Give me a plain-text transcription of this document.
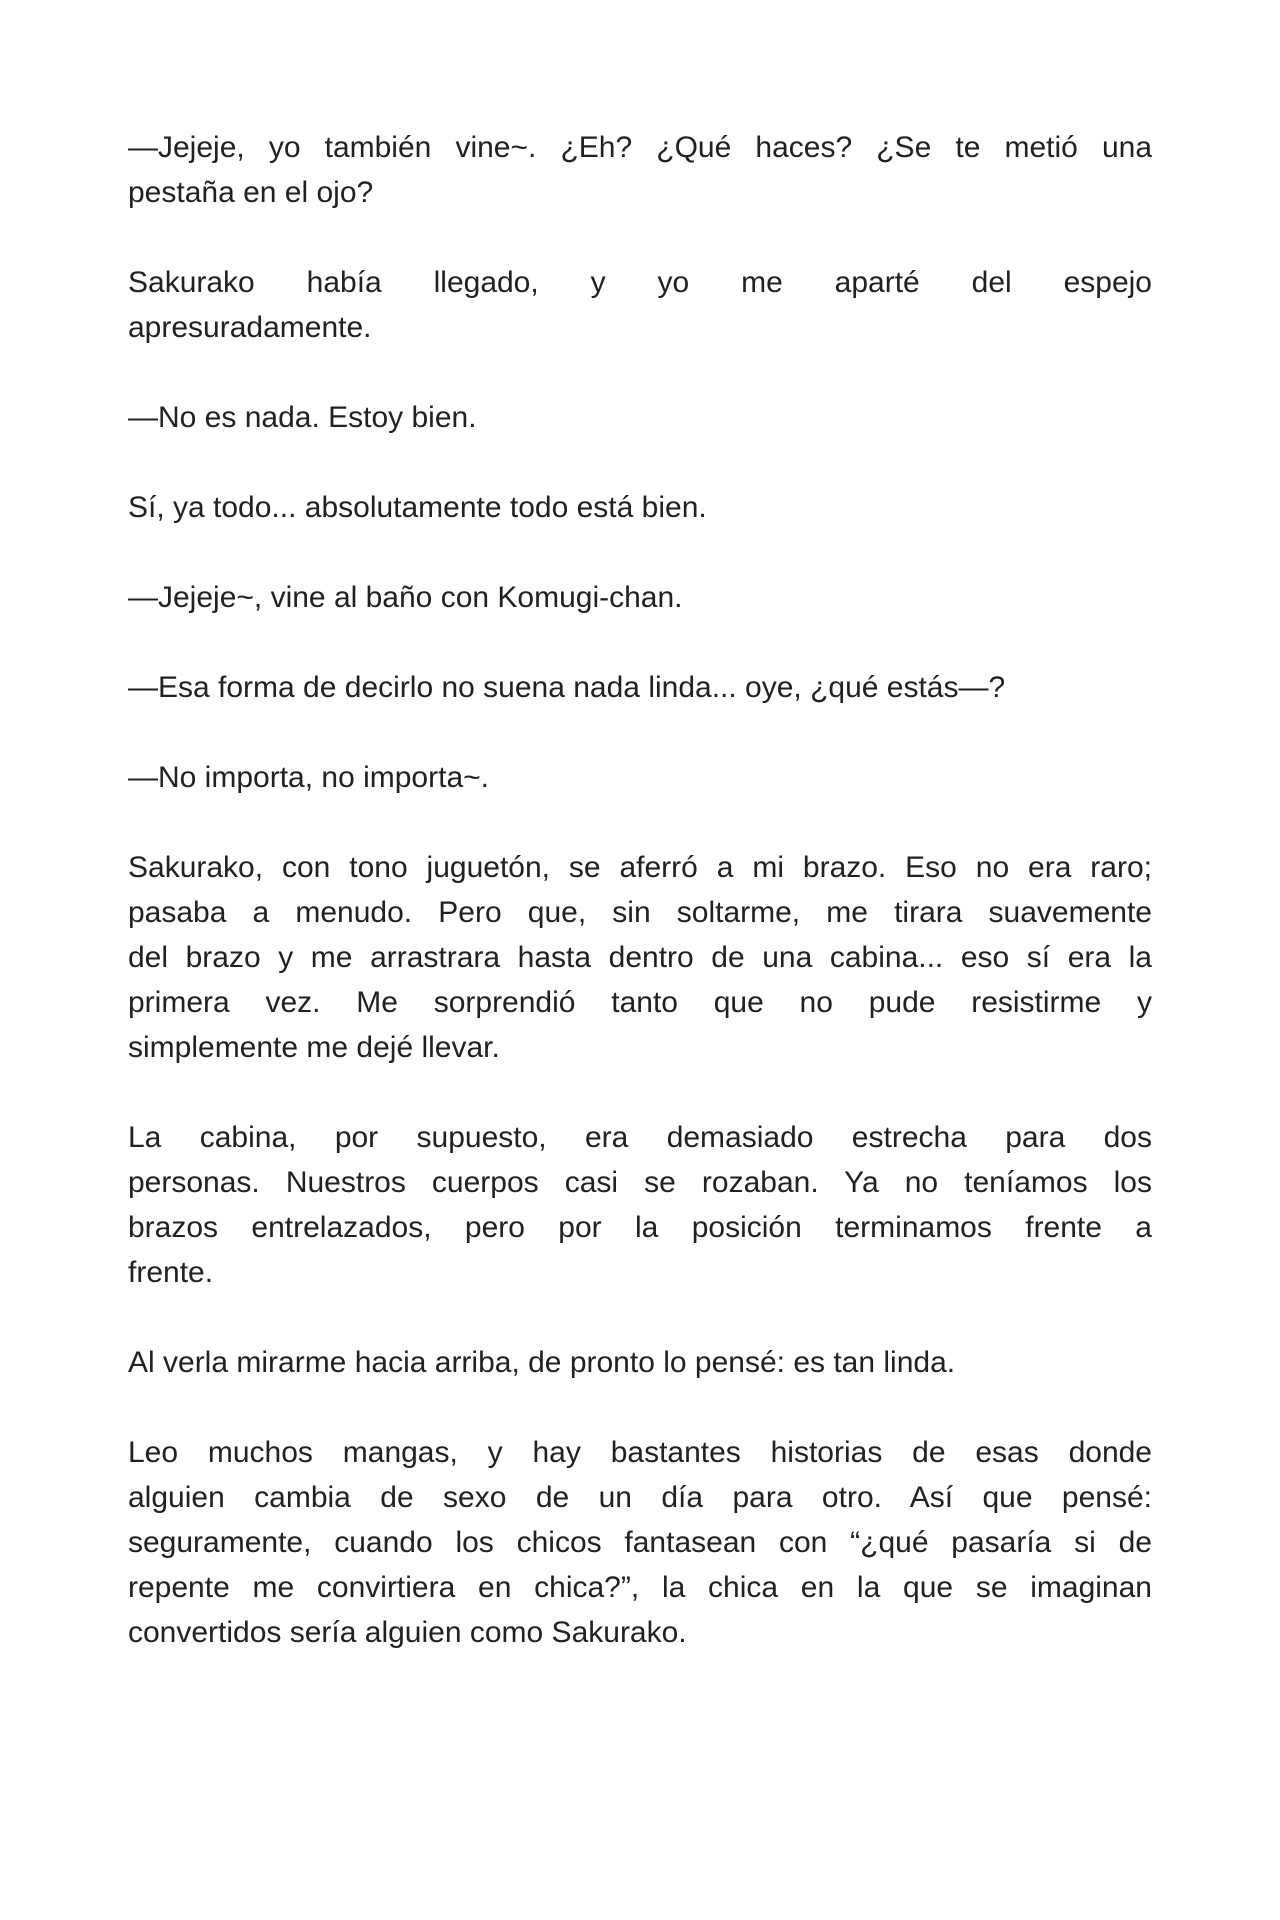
—Jejeje, yo también vine~. ¿Eh? ¿Qué haces? ¿Se te metió una
pestaña en el ojo?
Sakurako había llegado, y yo me aparté del espejo
apresuradamente.
—No es nada. Estoy bien.
Sí, ya todo... absolutamente todo está bien.
—Jejeje~, vine al baño con Komugi-chan.
—Esa forma de decirlo no suena nada linda... oye, ¿qué estás—?
—No importa, no importa~.
Sakurako, con tono juguetón, se aferró a mi brazo. Eso no era raro;
pasaba a menudo. Pero que, sin soltarme, me tirara suavemente
del brazo y me arrastrara hasta dentro de una cabina... eso sí era la
primera vez. Me sorprendió tanto que no pude resistirme y
simplemente me dejé llevar.
La cabina, por supuesto, era demasiado estrecha para dos
personas. Nuestros cuerpos casi se rozaban. Ya no teníamos los
brazos entrelazados, pero por la posición terminamos frente a
frente.
Al verla mirarme hacia arriba, de pronto lo pensé: es tan linda.
Leo muchos mangas, y hay bastantes historias de esas donde
alguien cambia de sexo de un día para otro. Así que pensé:
seguramente, cuando los chicos fantasean con “¿qué pasaría si de
repente me convirtiera en chica?”, la chica en la que se imaginan
convertidos sería alguien como Sakurako.
